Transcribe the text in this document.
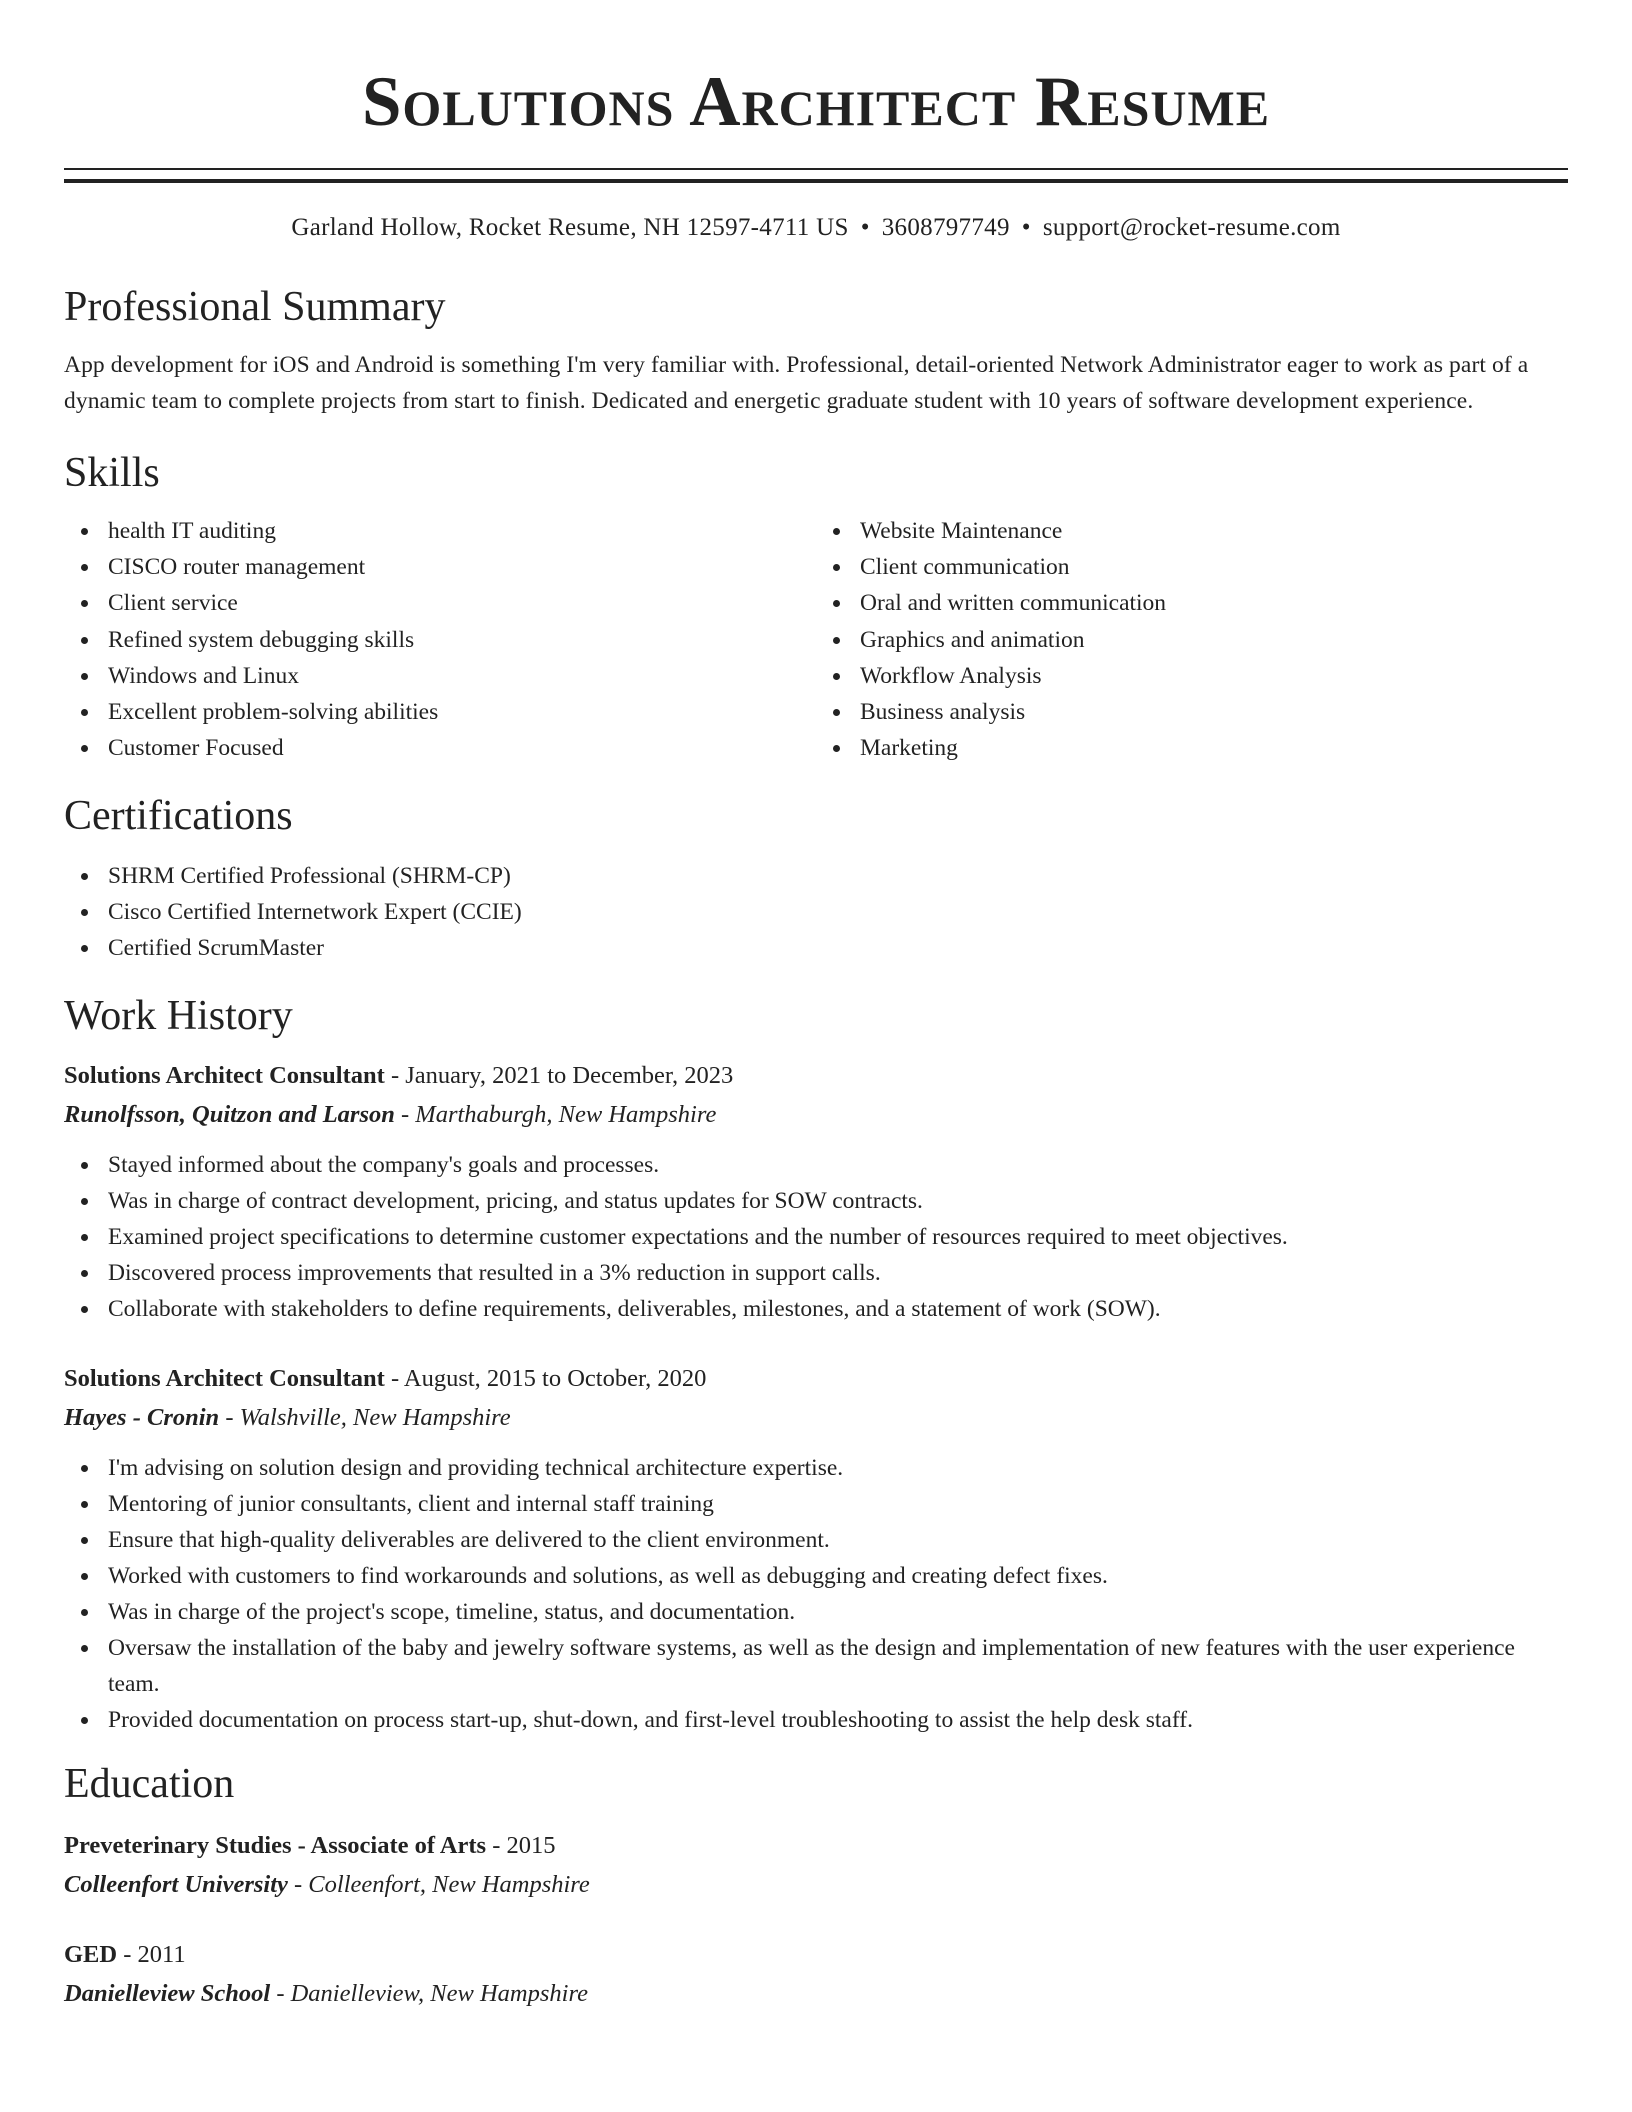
Solutions Architect Resume
Garland Hollow, Rocket Resume, NH 12597-4711 US • 3608797749 • support@rocket-resume.com
Professional Summary

App development for iOS and Android is something I'm very familiar with. Professional, detail-oriented Network Administrator eager to work as part of a dynamic team to complete projects from start to finish. Dedicated and energetic graduate student with 10 years of software development experience.

Skills
health IT auditing
CISCO router management
Client service
Refined system debugging skills
Windows and Linux
Excellent problem-solving abilities
Customer Focused
Website Maintenance
Client communication
Oral and written communication
Graphics and animation
Workflow Analysis
Business analysis
Marketing
Certifications
SHRM Certified Professional (SHRM-CP)
Cisco Certified Internetwork Expert (CCIE)
Certified ScrumMaster
Work History
Solutions Architect Consultant - January, 2021 to December, 2023
Runolfsson, Quitzon and Larson - Marthaburgh, New Hampshire
Stayed informed about the company's goals and processes.
Was in charge of contract development, pricing, and status updates for SOW contracts.
Examined project specifications to determine customer expectations and the number of resources required to meet objectives.
Discovered process improvements that resulted in a 3% reduction in support calls.
Collaborate with stakeholders to define requirements, deliverables, milestones, and a statement of work (SOW).
Solutions Architect Consultant - August, 2015 to October, 2020
Hayes - Cronin - Walshville, New Hampshire
I'm advising on solution design and providing technical architecture expertise.
Mentoring of junior consultants, client and internal staff training
Ensure that high-quality deliverables are delivered to the client environment.
Worked with customers to find workarounds and solutions, as well as debugging and creating defect fixes.
Was in charge of the project's scope, timeline, status, and documentation.
Oversaw the installation of the baby and jewelry software systems, as well as the design and implementation of new features with the user experience team.
Provided documentation on process start-up, shut-down, and first-level troubleshooting to assist the help desk staff.
Education
Preveterinary Studies - Associate of Arts - 2015
Colleenfort University - Colleenfort, New Hampshire
GED - 2011
Danielleview School - Danielleview, New Hampshire
